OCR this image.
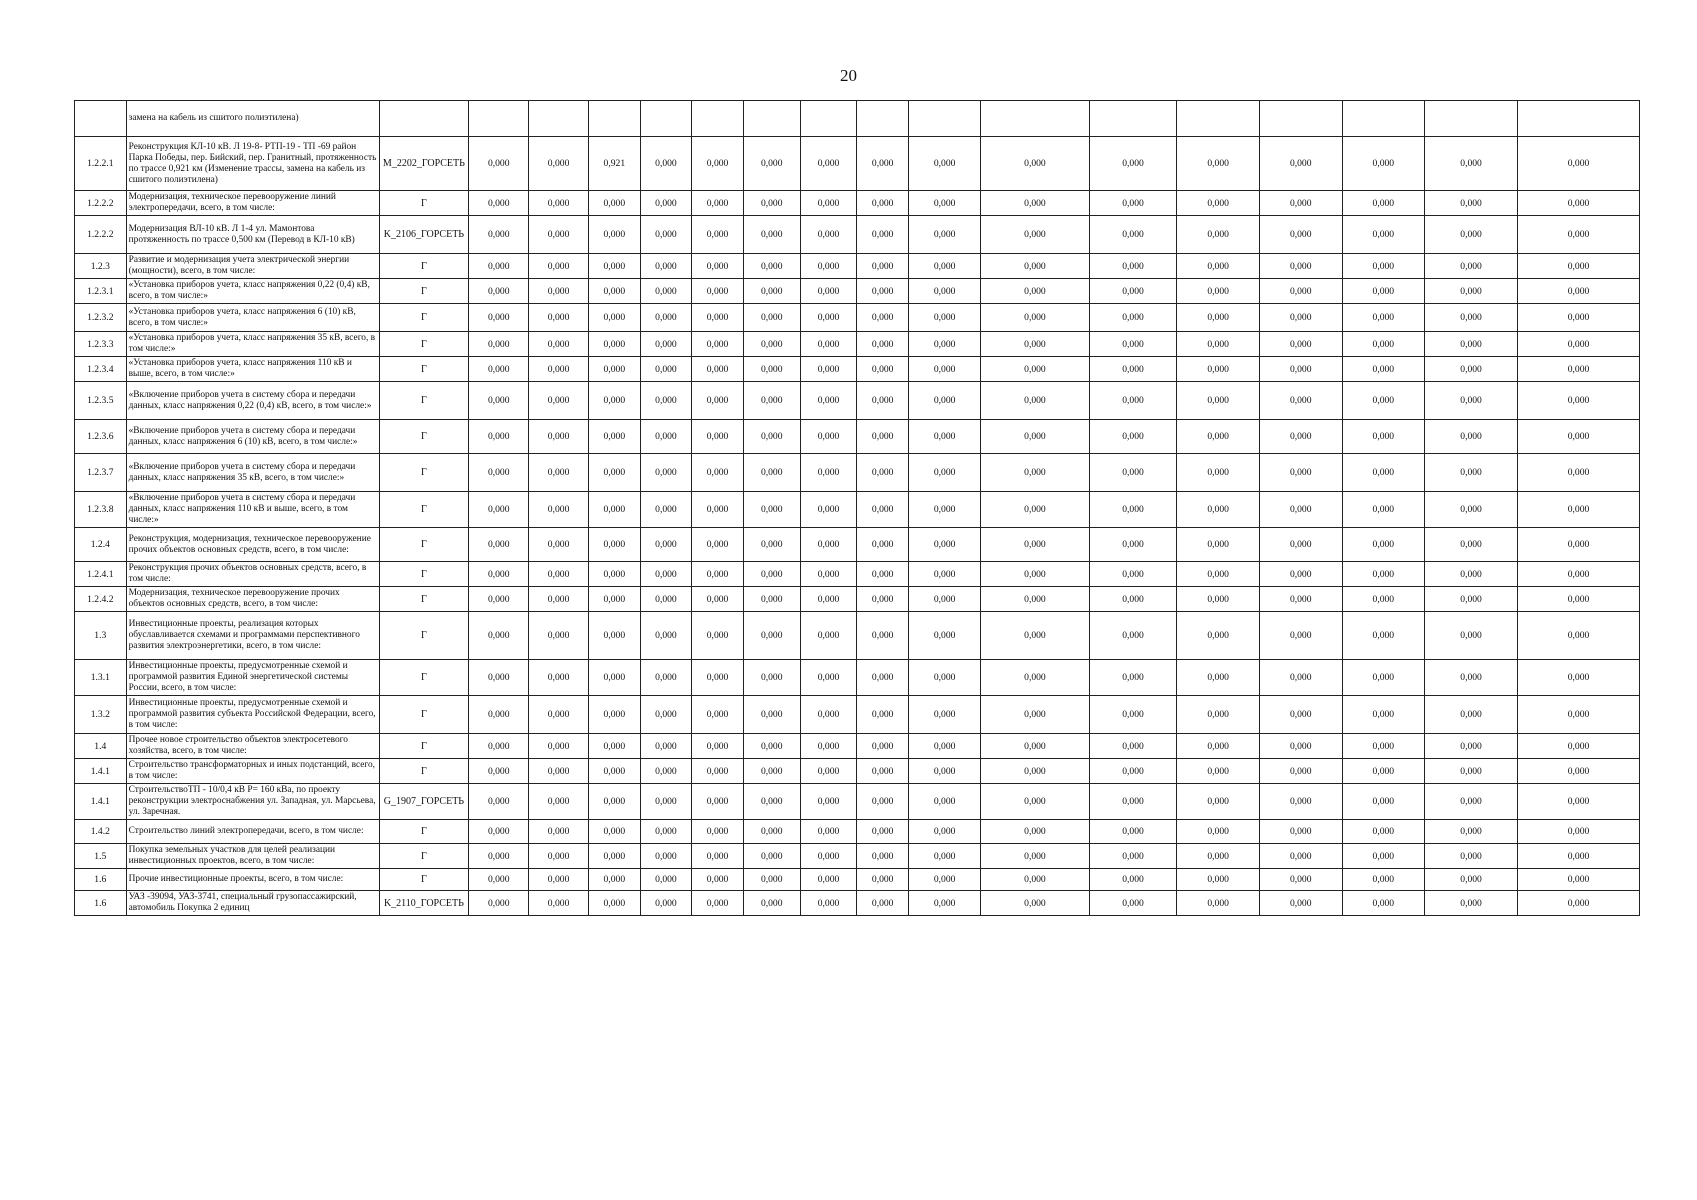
20
	замена на кабель из сшитого полиэтилена)																	
1.2.2.1	Реконструкция КЛ-10 кВ. Л 19-8- РТП-19 - ТП -69 район Парка Победы, пер. Бийский, пер. Гранитный, протяженность по трассе 0,921 км (Изменение трассы, замена на кабель из сшитого полиэтилена)	M_2202_ГОРСЕТЬ	0,000	0,000	0,921	0,000	0,000	0,000	0,000	0,000	0,000	0,000	0,000	0,000	0,000	0,000	0,000	0,000
1.2.2.2	Модернизация, техническое перевооружение линий электропередачи, всего, в том числе:	Г	0,000	0,000	0,000	0,000	0,000	0,000	0,000	0,000	0,000	0,000	0,000	0,000	0,000	0,000	0,000	0,000
1.2.2.2	Модернизация ВЛ-10 кВ. Л 1-4 ул. Мамонтова протяженность по трассе 0,500 км (Перевод в КЛ-10 кВ)	K_2106_ГОРСЕТЬ	0,000	0,000	0,000	0,000	0,000	0,000	0,000	0,000	0,000	0,000	0,000	0,000	0,000	0,000	0,000	0,000
1.2.3	Развитие и модернизация учета электрической энергии (мощности), всего, в том числе:	Г	0,000	0,000	0,000	0,000	0,000	0,000	0,000	0,000	0,000	0,000	0,000	0,000	0,000	0,000	0,000	0,000
1.2.3.1	«Установка приборов учета, класс напряжения 0,22 (0,4) кВ, всего, в том числе:»	Г	0,000	0,000	0,000	0,000	0,000	0,000	0,000	0,000	0,000	0,000	0,000	0,000	0,000	0,000	0,000	0,000
1.2.3.2	«Установка приборов учета, класс напряжения 6 (10) кВ, всего, в том числе:»	Г	0,000	0,000	0,000	0,000	0,000	0,000	0,000	0,000	0,000	0,000	0,000	0,000	0,000	0,000	0,000	0,000
1.2.3.3	«Установка приборов учета, класс напряжения 35 кВ, всего, в том числе:»	Г	0,000	0,000	0,000	0,000	0,000	0,000	0,000	0,000	0,000	0,000	0,000	0,000	0,000	0,000	0,000	0,000
1.2.3.4	«Установка приборов учета, класс напряжения 110 кВ и выше, всего, в том числе:»	Г	0,000	0,000	0,000	0,000	0,000	0,000	0,000	0,000	0,000	0,000	0,000	0,000	0,000	0,000	0,000	0,000
1.2.3.5	«Включение приборов учета в систему сбора и передачи данных, класс напряжения 0,22 (0,4) кВ, всего, в том числе:»	Г	0,000	0,000	0,000	0,000	0,000	0,000	0,000	0,000	0,000	0,000	0,000	0,000	0,000	0,000	0,000	0,000
1.2.3.6	«Включение приборов учета в систему сбора и передачи данных, класс напряжения 6 (10) кВ, всего, в том числе:»	Г	0,000	0,000	0,000	0,000	0,000	0,000	0,000	0,000	0,000	0,000	0,000	0,000	0,000	0,000	0,000	0,000
1.2.3.7	«Включение приборов учета в систему сбора и передачи данных, класс напряжения 35 кВ, всего, в том числе:»	Г	0,000	0,000	0,000	0,000	0,000	0,000	0,000	0,000	0,000	0,000	0,000	0,000	0,000	0,000	0,000	0,000
1.2.3.8	«Включение приборов учета в систему сбора и передачи данных, класс напряжения 110 кВ и выше, всего, в том числе:»	Г	0,000	0,000	0,000	0,000	0,000	0,000	0,000	0,000	0,000	0,000	0,000	0,000	0,000	0,000	0,000	0,000
1.2.4	Реконструкция, модернизация, техническое перевооружение прочих объектов основных средств, всего, в том числе:	Г	0,000	0,000	0,000	0,000	0,000	0,000	0,000	0,000	0,000	0,000	0,000	0,000	0,000	0,000	0,000	0,000
1.2.4.1	Реконструкция прочих объектов основных средств, всего, в том числе:	Г	0,000	0,000	0,000	0,000	0,000	0,000	0,000	0,000	0,000	0,000	0,000	0,000	0,000	0,000	0,000	0,000
1.2.4.2	Модернизация, техническое перевооружение прочих объектов основных средств, всего, в том числе:	Г	0,000	0,000	0,000	0,000	0,000	0,000	0,000	0,000	0,000	0,000	0,000	0,000	0,000	0,000	0,000	0,000
1.3	Инвестиционные проекты, реализация которых обуславливается схемами и программами перспективного развития электроэнергетики, всего, в том числе:	Г	0,000	0,000	0,000	0,000	0,000	0,000	0,000	0,000	0,000	0,000	0,000	0,000	0,000	0,000	0,000	0,000
1.3.1	Инвестиционные проекты, предусмотренные схемой и программой развития Единой энергетической системы России, всего, в том числе:	Г	0,000	0,000	0,000	0,000	0,000	0,000	0,000	0,000	0,000	0,000	0,000	0,000	0,000	0,000	0,000	0,000
1.3.2	Инвестиционные проекты, предусмотренные схемой и программой развития субъекта Российской Федерации, всего, в том числе:	Г	0,000	0,000	0,000	0,000	0,000	0,000	0,000	0,000	0,000	0,000	0,000	0,000	0,000	0,000	0,000	0,000
1.4	Прочее новое строительство объектов электросетевого хозяйства, всего, в том числе:	Г	0,000	0,000	0,000	0,000	0,000	0,000	0,000	0,000	0,000	0,000	0,000	0,000	0,000	0,000	0,000	0,000
1.4.1	Строительство трансформаторных и иных подстанций, всего, в том числе:	Г	0,000	0,000	0,000	0,000	0,000	0,000	0,000	0,000	0,000	0,000	0,000	0,000	0,000	0,000	0,000	0,000
1.4.1	СтроительствоТП - 10/0,4 кВ Р= 160 кВа, по проекту реконструкции электроснабжения ул. Западная, ул. Марсьева, ул. Заречная.	G_1907_ГОРСЕТЬ	0,000	0,000	0,000	0,000	0,000	0,000	0,000	0,000	0,000	0,000	0,000	0,000	0,000	0,000	0,000	0,000
1.4.2	Строительство линий электропередачи, всего, в том числе:	Г	0,000	0,000	0,000	0,000	0,000	0,000	0,000	0,000	0,000	0,000	0,000	0,000	0,000	0,000	0,000	0,000
1.5	Покупка земельных участков для целей реализации инвестиционных проектов, всего, в том числе:	Г	0,000	0,000	0,000	0,000	0,000	0,000	0,000	0,000	0,000	0,000	0,000	0,000	0,000	0,000	0,000	0,000
1.6	Прочие инвестиционные проекты, всего, в том числе:	Г	0,000	0,000	0,000	0,000	0,000	0,000	0,000	0,000	0,000	0,000	0,000	0,000	0,000	0,000	0,000	0,000
1.6	УАЗ -39094, УАЗ-3741, специальный грузопассажирский, автомобиль Покупка 2 единиц	K_2110_ГОРСЕТЬ	0,000	0,000	0,000	0,000	0,000	0,000	0,000	0,000	0,000	0,000	0,000	0,000	0,000	0,000	0,000	0,000
